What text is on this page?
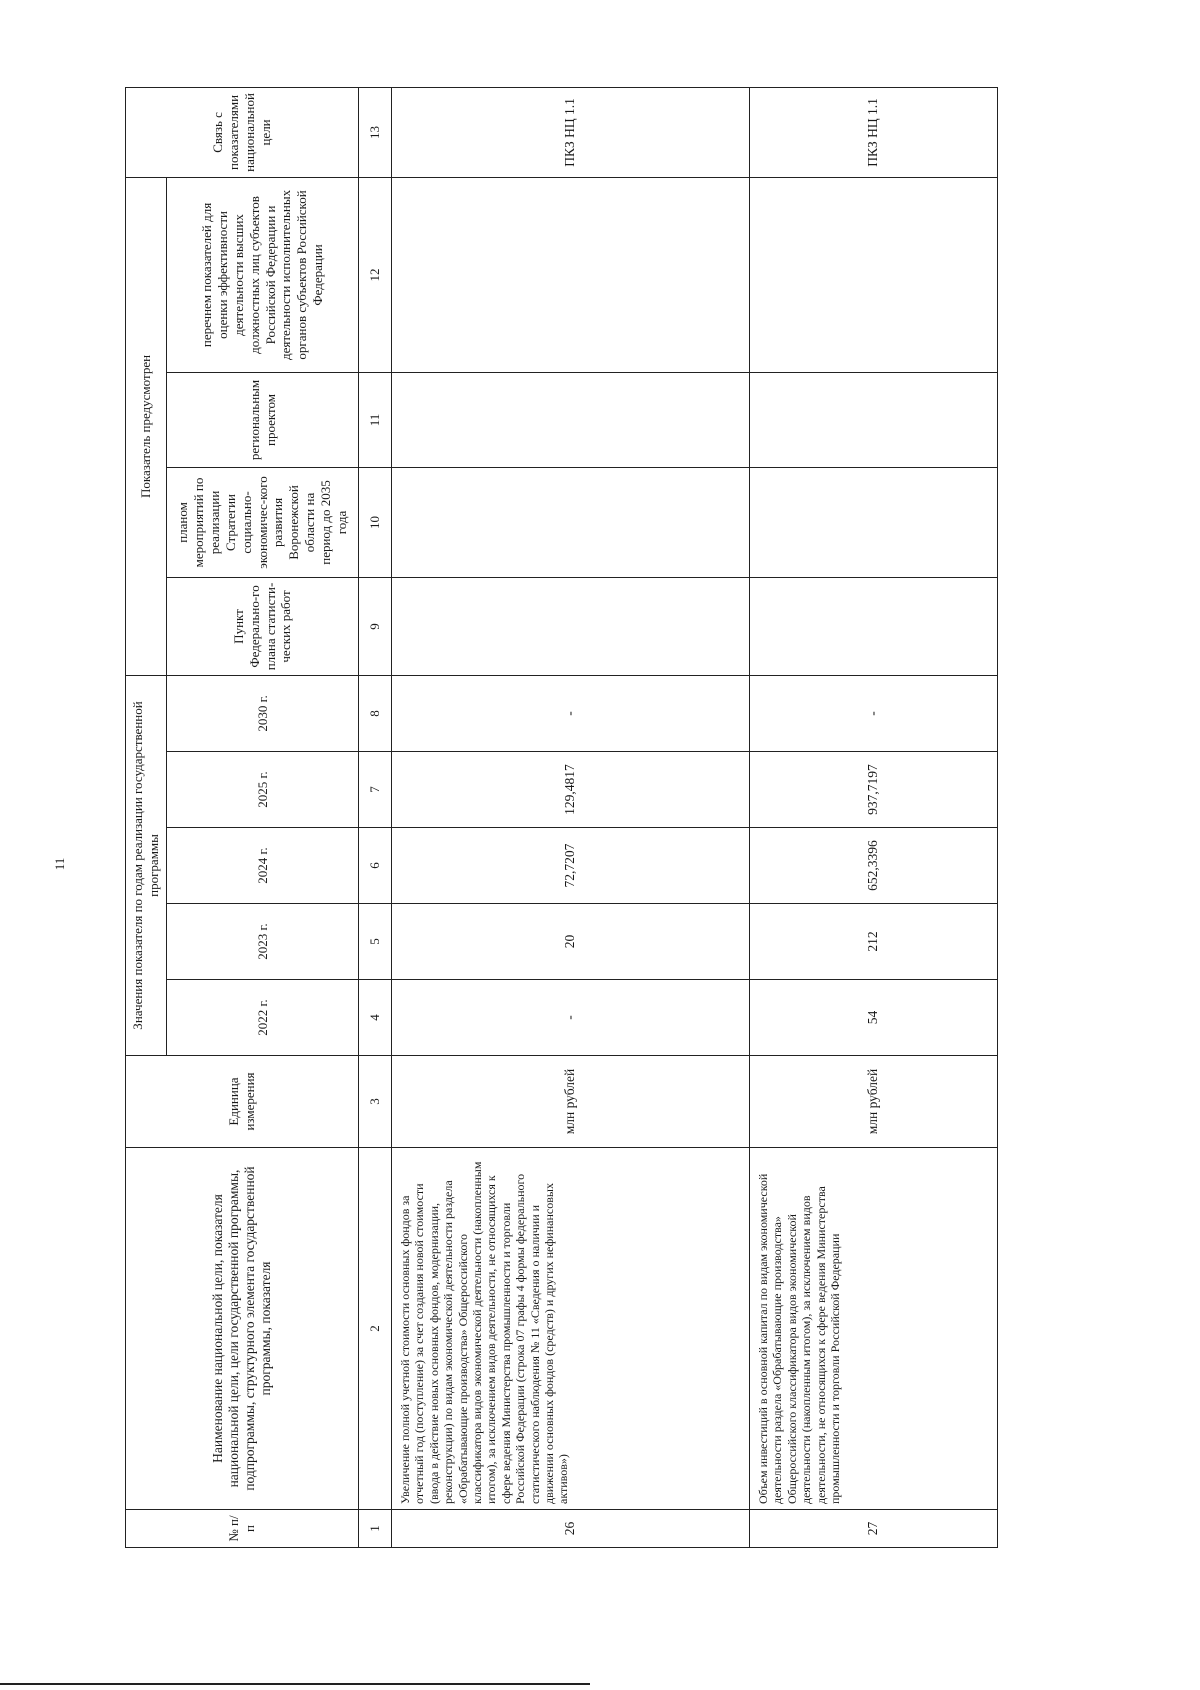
11
№ п/п	Наименование национальной цели, показателя национальной цели, цели государственной программы, подпрограммы, структурного элемента государственной программы, показателя	Единица измерения	Значения показателя по годам реализации государственной программы					Показатель предусмотрен				Связь с показателями национальной цели
			2022 г.	2023 г.	2024 г.	2025 г.	2030 г.	Пункт Федерально-го плана статисти-ческих работ	планом мероприятий по реализации Стратегии социально-экономичес-кого развития Воронежской области на период до 2035 года	региональным проектом	перечнем показателей для оценки эффективности деятельности высших должностных лиц субъектов Российской Федерации и деятельности исполнительных органов субъектов Российской Федерации	
1	2	3	4	5	6	7	8	9	10	11	12	13
26	Увеличение полной учетной стоимости основных фондов за отчетный год (поступление) за счет создания новой стоимости (ввода в действие новых основных фондов, модернизации, реконструкции) по видам экономической деятельности раздела «Обрабатывающие производства» Общероссийского классификатора видов экономической деятельности (накопленным итогом), за исключением видов деятельности, не относящихся к сфере ведения Министерства промышленности и торговли Российской Федерации (строка 07 графы 4 формы федерального статистического наблюдения № 11 «Сведения о наличии и движении основных фондов (средств) и других нефинансовых активов»)	млн рублей	-	20	72,7207	129,4817	-					ПКЗ НЦ 1.1
27	Объем инвестиций в основной капитал по видам экономической деятельности раздела «Обрабатывающие производства» Общероссийского классификатора видов экономической деятельности (накопленным итогом), за исключением видов деятельности, не относящихся к сфере ведения Министерства промышленности и торговли Российской Федерации	млн рублей	54	212	652,3396	937,7197	-					ПКЗ НЦ 1.1
